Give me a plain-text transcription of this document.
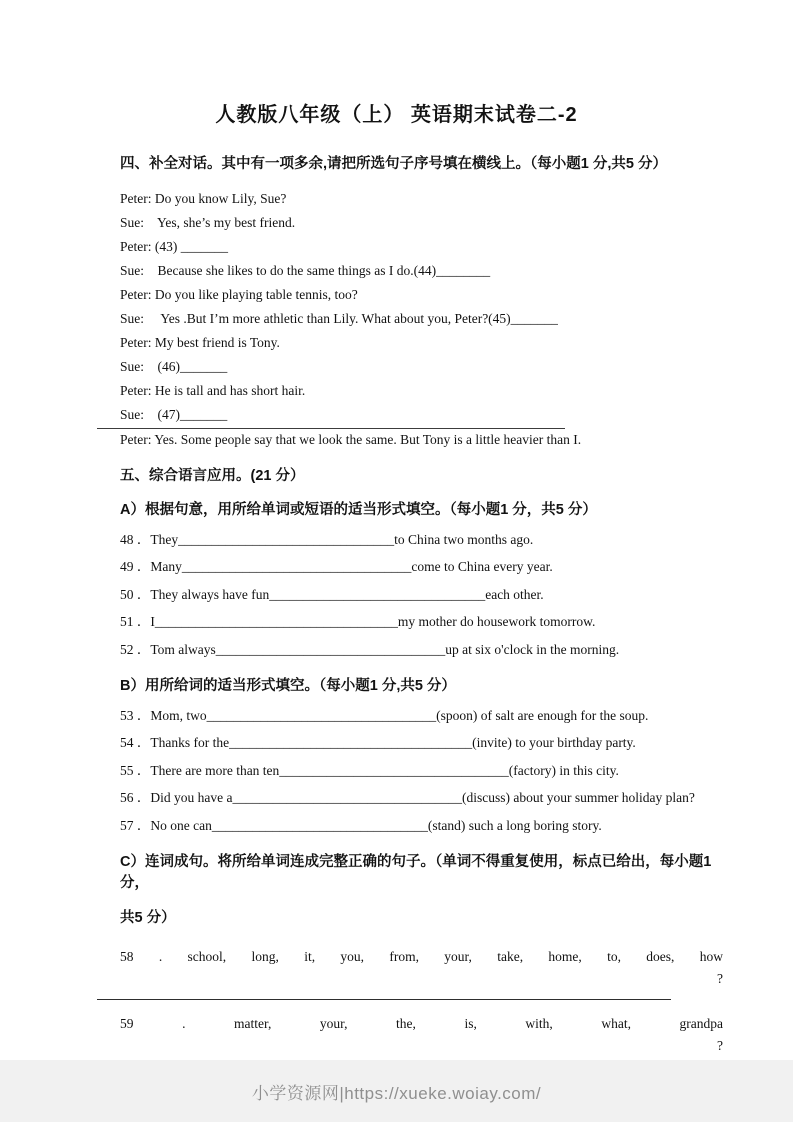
人教版八年级（上） 英语期末试卷二-2

四、补全对话。其中有一项多余,请把所选句子序号填在横线上。（每小题1 分,共5 分）

Peter: Do you know Lily, Sue?

Sue:    Yes, she’s my best friend.

Peter: (43) _______

Sue:    Because she likes to do the same things as I do.(44)________

Peter: Do you like playing table tennis, too?

Sue:     Yes .But I’m more athletic than Lily. What about you, Peter?(45)_______

Peter: My best friend is Tony.

Sue:    (46)_______

Peter: He is tall and has short hair.

Sue:    (47)_______

Peter: Yes. Some people say that we look the same. But Tony is a little heavier than I.

五、综合语言应用。(21 分）

A）根据句意，用所给单词或短语的适当形式填空。（每小题1 分，共5 分）

48 ．They________________________________to China two months ago.

49 ．Many__________________________________come to China every year.

50 ．They always have fun________________________________each other.

51 ．I____________________________________my mother do housework tomorrow.

52 ．Tom always__________________________________up at six o'clock in the morning.

B）用所给词的适当形式填空。（每小题1 分,共5 分）

53 ．Mom, two__________________________________(spoon) of salt are enough for the soup.

54 ．Thanks for the____________________________________(invite) to your birthday party.

55 ．There are more than ten__________________________________(factory) in this city.

56 ．Did you have a__________________________________(discuss) about your summer holiday plan?

57 ．No one can________________________________(stand) such a long boring story.

C）连词成句。将所给单词连成完整正确的句子。（单词不得重复使用，标点已给出，每小题1 分，

共5 分）

58 . school, long, it, you, from, your, take, home, to, does, how

?

59 . matter, your, the, is, with, what, grandpa

?
小学资源网|https://xueke.woiay.com/
